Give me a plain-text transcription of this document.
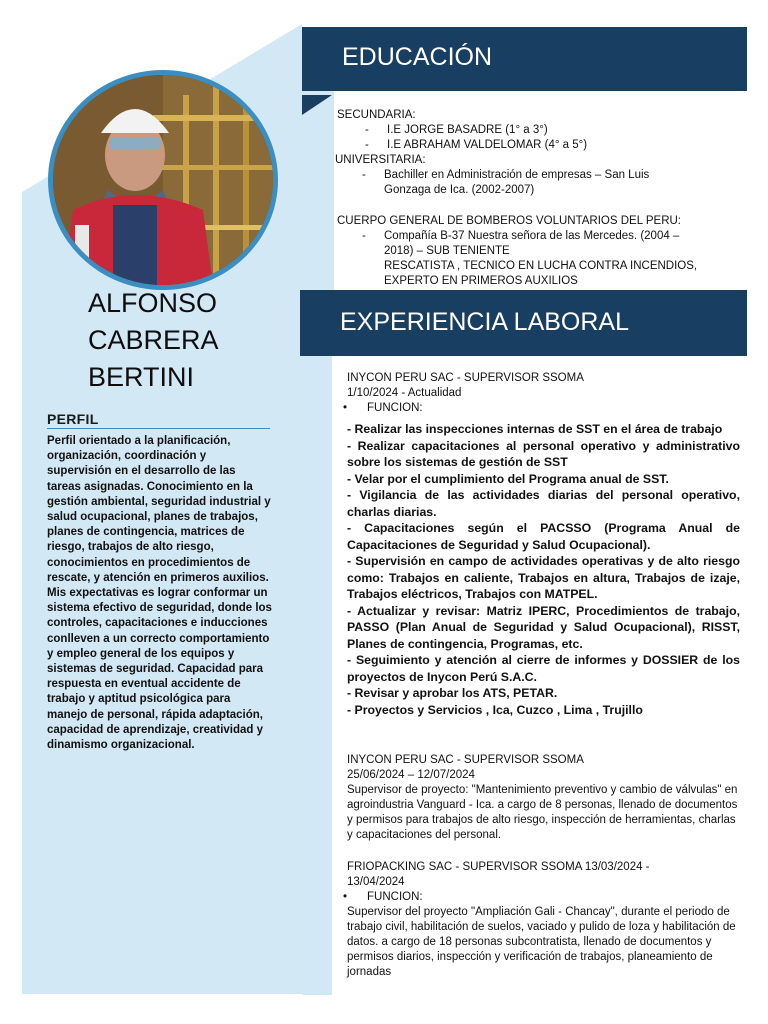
ALFONSO
CABRERA
BERTINI
PERFIL
Perfil orientado a la planificación, organización, coordinación y supervisión en el desarrollo de las tareas asignadas. Conocimiento en la gestión ambiental, seguridad industrial y salud ocupacional, planes de trabajos, planes de contingencia, matrices de riesgo, trabajos de alto riesgo, conocimientos en procedimientos de rescate, y atención en primeros auxilios. Mis expectativas es lograr conformar un sistema efectivo de seguridad, donde los controles, capacitaciones e inducciones conlleven a un correcto comportamiento y empleo general de los equipos y sistemas de seguridad. Capacidad para respuesta en eventual accidente de trabajo y aptitud psicológica para manejo de personal, rápida adaptación, capacidad de aprendizaje, creatividad y dinamismo organizacional.
EDUCACIÓN
SECUNDARIA:
- I.E JORGE BASADRE (1° a 3°)
- I.E ABRAHAM VALDELOMAR (4° a 5°)
UNIVERSITARIA:
- Bachiller en Administración de empresas – San Luis
Gonzaga de Ica. (2002-2007)
CUERPO GENERAL DE BOMBEROS VOLUNTARIOS DEL PERU:
- Compañía B-37 Nuestra señora de las Mercedes. (2004 –
2018) – SUB TENIENTE
RESCATISTA , TECNICO EN LUCHA CONTRA INCENDIOS,
EXPERTO EN PRIMEROS AUXILIOS
EXPERIENCIA LABORAL
INYCON PERU SAC - SUPERVISOR SSOMA
1/10/2024 - Actualidad
• FUNCION:
- Realizar las inspecciones internas de SST en el área de trabajo
- Realizar capacitaciones al personal operativo y administrativo sobre los sistemas de gestión de SST
- Velar por el cumplimiento del Programa anual de SST.
- Vigilancia de las actividades diarias del personal operativo, charlas diarias.
- Capacitaciones según el PACSSO (Programa Anual de Capacitaciones de Seguridad y Salud Ocupacional).
- Supervisión en campo de actividades operativas y de alto riesgo como: Trabajos en caliente, Trabajos en altura, Trabajos de izaje, Trabajos eléctricos, Trabajos con MATPEL.
- Actualizar y revisar: Matriz IPERC, Procedimientos de trabajo, PASSO (Plan Anual de Seguridad y Salud Ocupacional), RISST, Planes de contingencia, Programas, etc.
- Seguimiento y atención al cierre de informes y DOSSIER de los proyectos de Inycon Perú S.A.C.
- Revisar y aprobar los ATS, PETAR.
- Proyectos y Servicios , Ica, Cuzco , Lima , Trujillo
INYCON PERU SAC - SUPERVISOR SSOMA
25/06/2024 – 12/07/2024
Supervisor de proyecto: "Mantenimiento preventivo y cambio de válvulas" en agroindustria Vanguard - Ica. a cargo de 8 personas, llenado de documentos y permisos para trabajos de alto riesgo, inspección de herramientas, charlas y capacitaciones del personal.
FRIOPACKING SAC - SUPERVISOR SSOMA 13/03/2024 -
13/04/2024
• FUNCION:
Supervisor del proyecto "Ampliación Gali - Chancay", durante el periodo de trabajo civil, habilitación de suelos, vaciado y pulido de loza y habilitación de datos. a cargo de 18 personas subcontratista, llenado de documentos y permisos diarios, inspección y verificación de trabajos, planeamiento de jornadas
